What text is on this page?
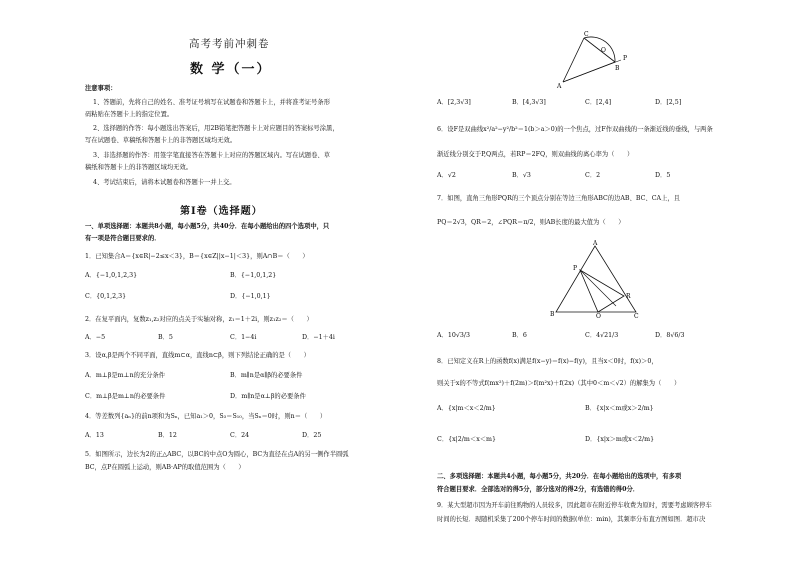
高考考前冲刺卷
数 学（一）
注意事项：
1、答题前，先将自己的姓名、准考证号填写在试题卷和答题卡上，并将准考证号条形
码粘贴在答题卡上的指定位置。
2、选择题的作答：每小题选出答案后，用2B铅笔把答题卡上对应题目的答案标号涂黑，
写在试题卷、草稿纸和答题卡上的非答题区域均无效。
3、非选择题的作答：用签字笔直接答在答题卡上对应的答题区域内。写在试题卷、草
稿纸和答题卡上的非答题区域均无效。
4、考试结束后，请将本试题卷和答题卡一并上交。
第Ⅰ卷（选择题）
一、单项选择题：本题共8小题，每小题5分，共40分．在每小题给出的四个选项中，只
有一项是符合题目要求的．
1．已知集合A＝{x∈R|−2≤x＜3}，B＝{x∈Z||x−1|＜3}，则A∩B＝（　　）
A．{−1,0,1,2,3}	B．{−1,0,1,2}
C．{0,1,2,3}	D．{−1,0,1}
2．在复平面内，复数z₁,z₂对应的点关于实轴对称，z₁＝1＋2i，则z₁z₂＝（　　）
A．−5	B．5	C．1−4i	D．−1＋4i
3．设α,β是两个不同平面，直线m⊂α，直线n⊂β，则下列结论正确的是（　　）
A．m⊥β是m⊥n的充分条件	B．m∥n是α∥β的必要条件
C．m⊥β是m⊥n的必要条件	D．m∥n是α⊥β的必要条件
4．等差数列{aₙ}的前n项和为Sₙ，已知a₁＞0，S₃＝S₁₀，当Sₙ＝0时，则n＝（　　）
A．13	B．12	C．24	D．25
5．如图所示，边长为2的正△ABC，以BC的中点O为圆心，BC为直径在点A的另一侧作半圆弧
BC，点P在圆弧上运动，则AB·AP的取值范围为（　　）
C
O
P
B
A
A．[2,3√3]	B．[4,3√3]	C．[2,4]	D．[2,5]
6．设F是双曲线x²/a²−y²/b²＝1(b＞a＞0)的一个焦点，过F作双曲线的一条渐近线的垂线，与两条
渐近线分别交于P,Q两点，若RP＝2FQ，则双曲线的离心率为（　　）
A．√2	B．√3	C．2	D．5
7．如图，直角三角形PQR的三个顶点分别在等边三角形ABC的边AB、BC、CA上，且
PQ＝2√3，QR＝2，∠PQR＝π/2，则AB长度的最大值为（　　）
A
P
R
B	Q	C
A．10√3/3	B．6	C．4√21/3	D．8√6/3
8．已知定义在R上的函数f(x)满足f(x−y)＝f(x)−f(y)，且当x＜0时，f(x)＞0，
则关于x的不等式f(mx²)＋f(2m)＞f(m²x)＋f(2x)（其中0＜m＜√2）的解集为（　　）
A．{x|m＜x＜2/m}	B．{x|x＜m或x＞2/m}
C．{x|2/m＜x＜m}	D．{x|x＞m或x＜2/m}
二、多项选择题：本题共4小题，每小题5分，共20分．在每小题给出的选项中，有多项
符合题目要求．全部选对的得5分，部分选对的得2分，有选错的得0分．
9．某大型超市因为开车前往购物的人员较多，因此超市在附近停车收费为原时，需要考虑顾客停车
时间的长短．现随机采集了200个停车时间的数据(单位：min)，其频率分布直方图如图．超市决
